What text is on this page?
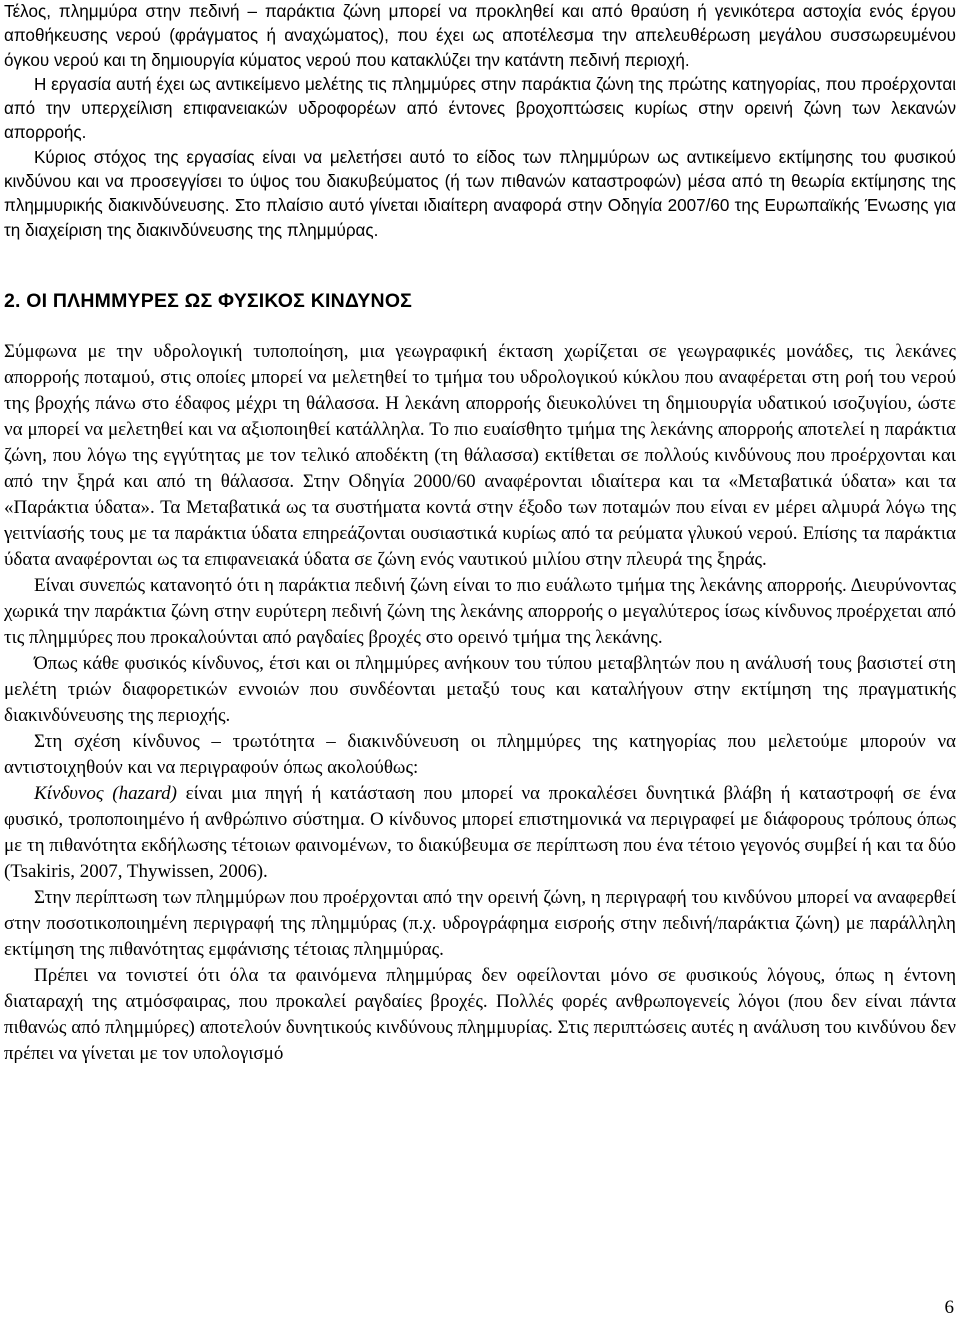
Τέλος, πλημμύρα στην πεδινή – παράκτια ζώνη μπορεί να προκληθεί και από θραύση ή γενικότερα αστοχία ενός έργου αποθήκευσης νερού (φράγματος ή αναχώματος), που έχει ως αποτέλεσμα την απελευθέρωση μεγάλου συσσωρευμένου όγκου νερού και τη δημιουργία κύματος νερού που κατακλύζει την κατάντη πεδινή περιοχή.

Η εργασία αυτή έχει ως αντικείμενο μελέτης τις πλημμύρες στην παράκτια ζώνη της πρώτης κατηγορίας, που προέρχονται από την υπερχείλιση επιφανειακών υδροφορέων από έντονες βροχοπτώσεις κυρίως στην ορεινή ζώνη των λεκανών απορροής.

Κύριος στόχος της εργασίας είναι να μελετήσει αυτό το είδος των πλημμύρων ως αντικείμενο εκτίμησης του φυσικού κινδύνου και να προσεγγίσει το ύψος του διακυβεύματος (ή των πιθανών καταστροφών) μέσα από τη θεωρία εκτίμησης της πλημμυρικής διακινδύνευσης. Στο πλαίσιο αυτό γίνεται ιδιαίτερη αναφορά στην Οδηγία 2007/60 της Ευρωπαϊκής Ένωσης για τη διαχείριση της διακινδύνευσης της πλημμύρας.

2. ΟΙ ΠΛΗΜΜΥΡΕΣ ΩΣ ΦΥΣΙΚΟΣ ΚΙΝΔΥΝΟΣ

Σύμφωνα με την υδρολογική τυποποίηση, μια γεωγραφική έκταση χωρίζεται σε γεωγραφικές μονάδες, τις λεκάνες απορροής ποταμού, στις οποίες μπορεί να μελετηθεί το τμήμα του υδρολογικού κύκλου που αναφέρεται στη ροή του νερού της βροχής πάνω στο έδαφος μέχρι τη θάλασσα. Η λεκάνη απορροής διευκολύνει τη δημιουργία υδατικού ισοζυγίου, ώστε να μπορεί να μελετηθεί και να αξιοποιηθεί κατάλληλα. Το πιο ευαίσθητο τμήμα της λεκάνης απορροής αποτελεί η παράκτια ζώνη, που λόγω της εγγύτητας με τον τελικό αποδέκτη (τη θάλασσα) εκτίθεται σε πολλούς κινδύνους που προέρχονται και από την ξηρά και από τη θάλασσα. Στην Οδηγία 2000/60 αναφέρονται ιδιαίτερα και τα «Μεταβατικά ύδατα» και τα «Παράκτια ύδατα». Τα Μεταβατικά ως τα συστήματα κοντά στην έξοδο των ποταμών που είναι εν μέρει αλμυρά λόγω της γειτνίασής τους με τα παράκτια ύδατα επηρεάζονται ουσιαστικά κυρίως από τα ρεύματα γλυκού νερού. Επίσης τα παράκτια ύδατα αναφέρονται ως τα επιφανειακά ύδατα σε ζώνη ενός ναυτικού μιλίου στην πλευρά της ξηράς.

Είναι συνεπώς κατανοητό ότι η παράκτια πεδινή ζώνη είναι το πιο ευάλωτο τμήμα της λεκάνης απορροής. Διευρύνοντας χωρικά την παράκτια ζώνη στην ευρύτερη πεδινή ζώνη της λεκάνης απορροής ο μεγαλύτερος ίσως κίνδυνος προέρχεται από τις πλημμύρες που προκαλούνται από ραγδαίες βροχές στο ορεινό τμήμα της λεκάνης.

Όπως κάθε φυσικός κίνδυνος, έτσι και οι πλημμύρες ανήκουν του τύπου μεταβλητών που η ανάλυσή τους βασιστεί στη μελέτη τριών διαφορετικών εννοιών που συνδέονται μεταξύ τους και καταλήγουν στην εκτίμηση της πραγματικής διακινδύνευσης της περιοχής.

Στη σχέση κίνδυνος – τρωτότητα – διακινδύνευση οι πλημμύρες της κατηγορίας που μελετούμε μπορούν να αντιστοιχηθούν και να περιγραφούν όπως ακολούθως:

Κίνδυνος (hazard) είναι μια πηγή ή κατάσταση που μπορεί να προκαλέσει δυνητικά βλάβη ή καταστροφή σε ένα φυσικό, τροποποιημένο ή ανθρώπινο σύστημα. Ο κίνδυνος μπορεί επιστημονικά να περιγραφεί με διάφορους τρόπους όπως με τη πιθανότητα εκδήλωσης τέτοιων φαινομένων, το διακύβευμα σε περίπτωση που ένα τέτοιο γεγονός συμβεί ή και τα δύο (Tsakiris, 2007, Thywissen, 2006).

Στην περίπτωση των πλημμύρων που προέρχονται από την ορεινή ζώνη, η περιγραφή του κινδύνου μπορεί να αναφερθεί στην ποσοτικοποιημένη περιγραφή της πλημμύρας (π.χ. υδρογράφημα εισροής στην πεδινή/παράκτια ζώνη) με παράλληλη εκτίμηση της πιθανότητας εμφάνισης τέτοιας πλημμύρας.

Πρέπει να τονιστεί ότι όλα τα φαινόμενα πλημμύρας δεν οφείλονται μόνο σε φυσικούς λόγους, όπως η έντονη διαταραχή της ατμόσφαιρας, που προκαλεί ραγδαίες βροχές. Πολλές φορές ανθρωπογενείς λόγοι (που δεν είναι πάντα πιθανώς από πλημμύρες) αποτελούν δυνητικούς κινδύνους πλημμυρίας. Στις περιπτώσεις αυτές η ανάλυση του κινδύνου δεν πρέπει να γίνεται με τον υπολογισμό

6
